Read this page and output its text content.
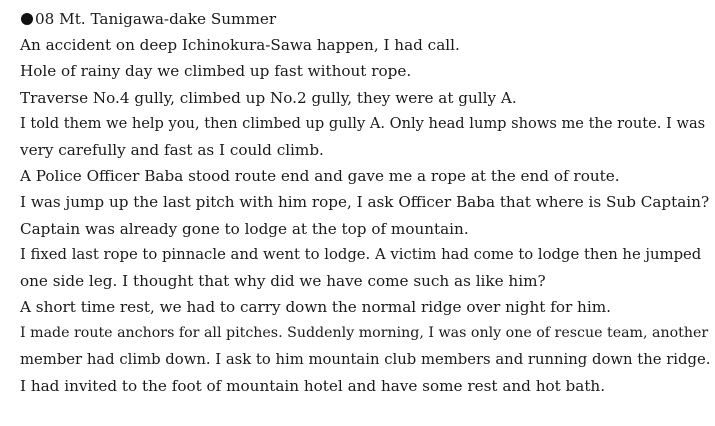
08 Mt. Tanigawa-dake Summer
An accident on deep Ichinokura-Sawa happen, I had call.
Hole of rainy day we climbed up fast without rope.
Traverse No.4 gully, climbed up No.2 gully, they were at gully A.
I told them we help you, then climbed up gully A. Only head lump shows me the route. I was
very carefully and fast as I could climb.
A Police Officer Baba stood route end and gave me a rope at the end of route.
I was jump up the last pitch with him rope, I ask Officer Baba that where is Sub Captain?
Captain was already gone to lodge at the top of mountain.
I fixed last rope to pinnacle and went to lodge. A victim had come to lodge then he jumped
one side leg. I thought that why did we have come such as like him?
A short time rest, we had to carry down the normal ridge over night for him.
I made route anchors for all pitches. Suddenly morning, I was only one of rescue team, another
member had climb down. I ask to him mountain club members and running down the ridge.
I had invited to the foot of mountain hotel and have some rest and hot bath.
